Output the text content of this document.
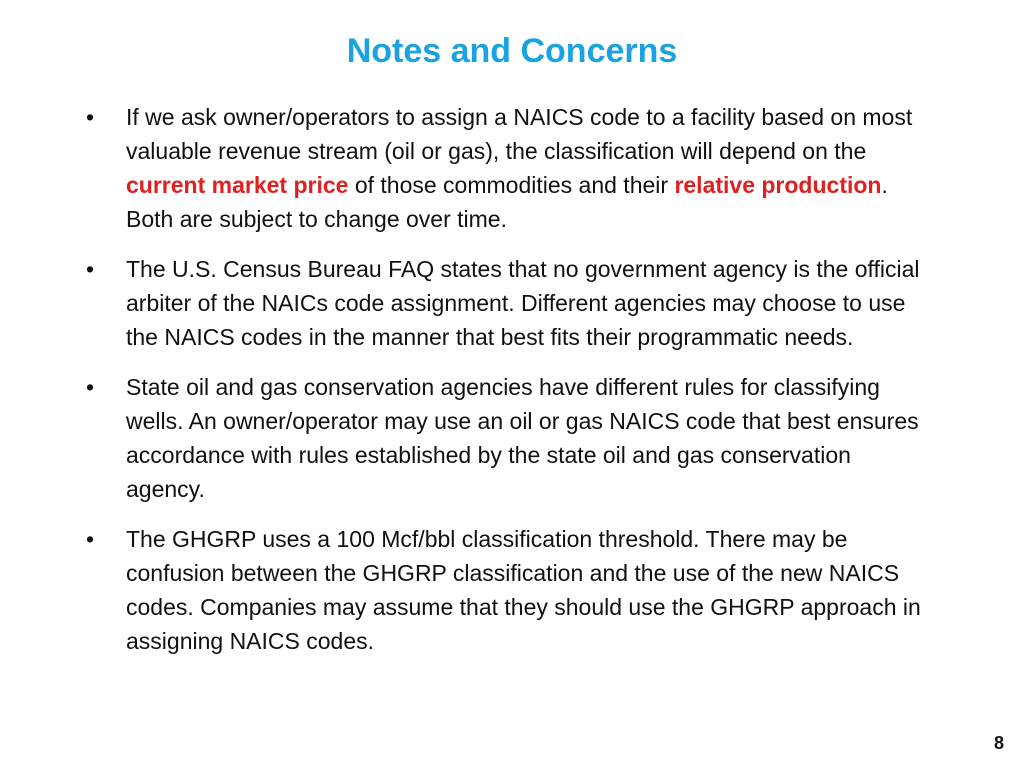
Notes and Concerns
•	If we ask owner/operators to assign a NAICS code to a facility based on most valuable revenue stream (oil or gas), the classification will depend on the current market price of those commodities and their relative production. Both are subject to change over time.
•	The U.S. Census Bureau FAQ states that no government agency is the official arbiter of the NAICs code assignment. Different agencies may choose to use the NAICS codes in the manner that best fits their programmatic needs.
•	State oil and gas conservation agencies have different rules for classifying wells. An owner/operator may use an oil or gas NAICS code that best ensures accordance with rules established by the state oil and gas conservation agency.
•	The GHGRP uses a 100 Mcf/bbl classification threshold. There may be confusion between the GHGRP classification and the use of the new NAICS codes. Companies may assume that they should use the GHGRP approach in assigning NAICS codes.
8
